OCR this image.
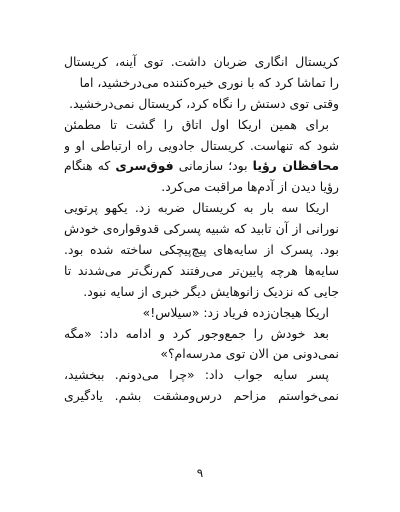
کریستال انگاری ضربان داشت. توی آینه، کریستال
را تماشا کرد که با نوری خیره‌کننده می‌درخشید، اما
وقتی توی دستش را نگاه کرد، کریستال نمی‌درخشید.
برای همین اریکا اول اتاق را گشت تا مطمئن
شود که تنهاست. کریستال جادویی راه ارتباطی او و
محافظان رؤیا بود؛ سازمانی فوق‌سری که هنگام
رؤیا دیدن از آدم‌ها مراقبت می‌کرد.
اریکا سه بار به کریستال ضربه زد. یکهو پرتویی
نورانی از آن تابید که شبیه پسرکی قدوقواره‌ی خودش
بود. پسرک از سایه‌های پیچ‌پیچکی ساخته شده بود.
سایه‌ها هرچه پایین‌تر می‌رفتند کم‌رنگ‌تر می‌شدند تا
جایی که نزدیک زانوهایش دیگر خبری از سایه نبود.
اریکا هیجان‌زده فریاد زد: «سیلاس!»
بعد خودش را جمع‌وجور کرد و ادامه داد: «مگه
نمی‌دونی من الان توی مدرسه‌ام؟»
پسر سایه جواب داد: «چرا می‌دونم. ببخشید،
نمی‌خواستم مزاحم درس‌ومشقت بشم. یادگیری
۹
